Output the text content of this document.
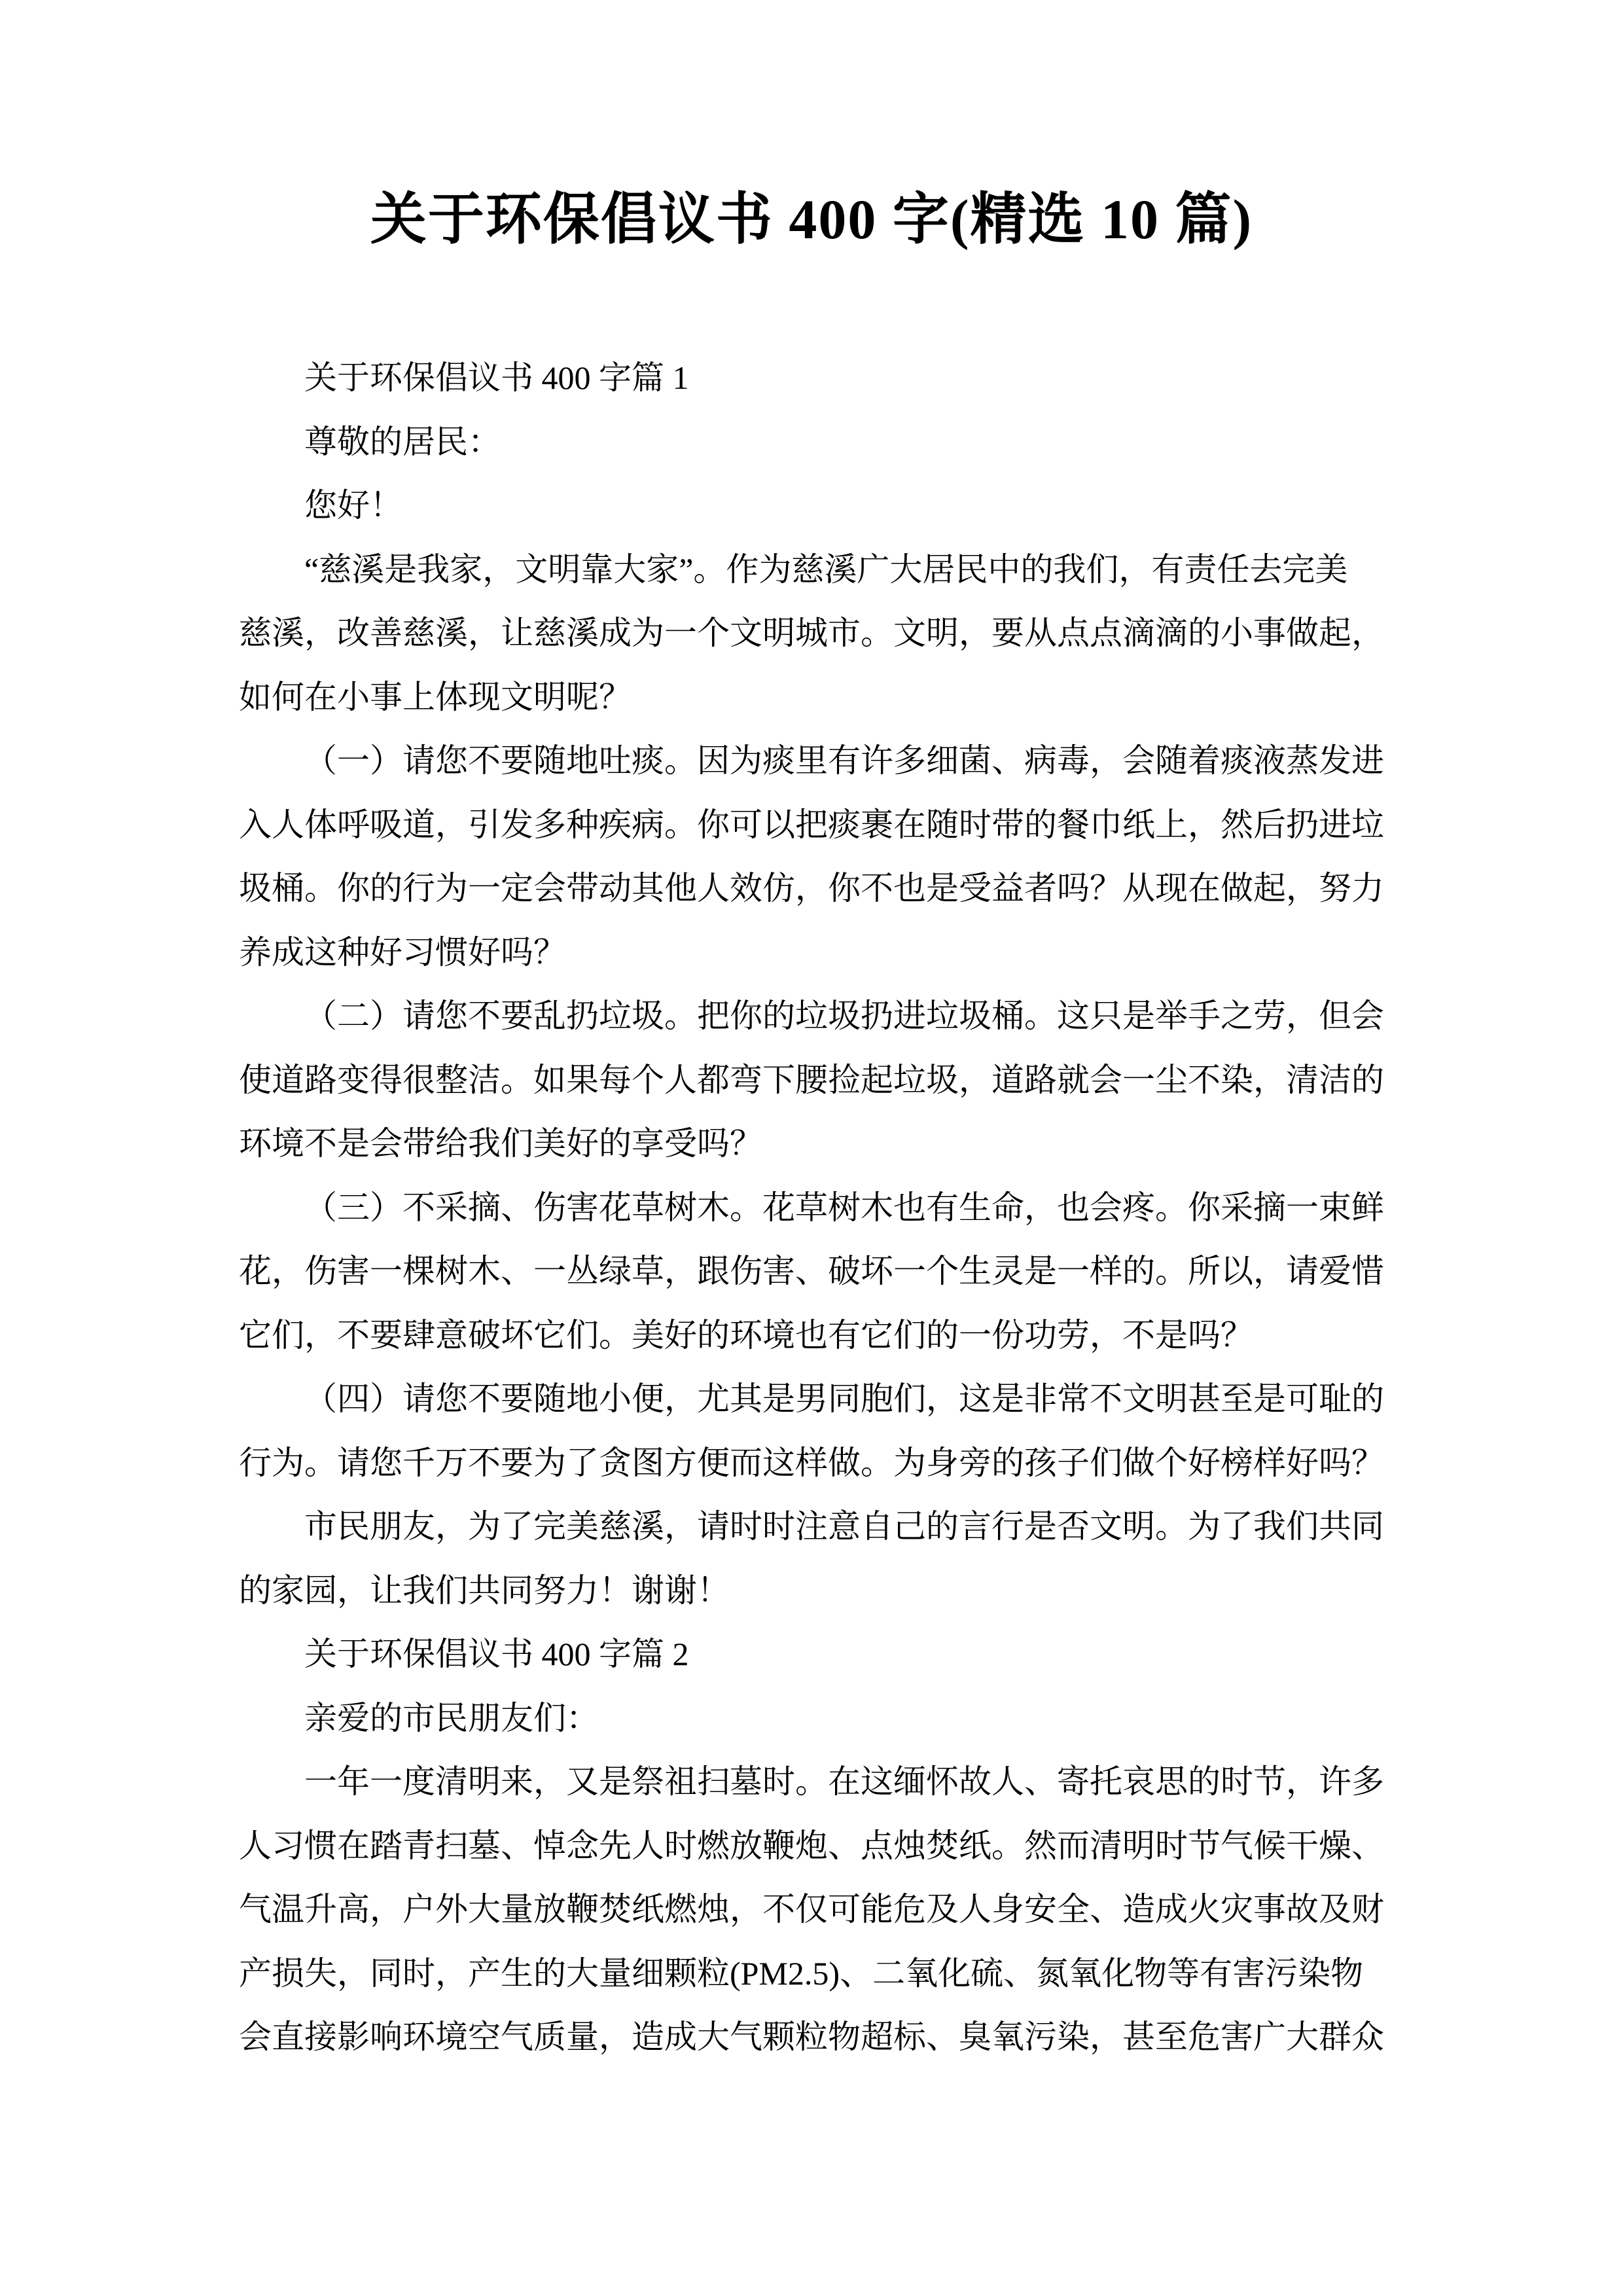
关于环保倡议书 400 字(精选 10 篇)
关于环保倡议书 400 字篇 1
尊敬的居民：
您好！
“慈溪是我家，文明靠大家”。作为慈溪广大居民中的我们，有责任去完美
慈溪，改善慈溪，让慈溪成为一个文明城市。文明，要从点点滴滴的小事做起，
如何在小事上体现文明呢？
（一）请您不要随地吐痰。因为痰里有许多细菌、病毒，会随着痰液蒸发进
入人体呼吸道，引发多种疾病。你可以把痰裹在随时带的餐巾纸上，然后扔进垃
圾桶。你的行为一定会带动其他人效仿，你不也是受益者吗？从现在做起，努力
养成这种好习惯好吗？
（二）请您不要乱扔垃圾。把你的垃圾扔进垃圾桶。这只是举手之劳，但会
使道路变得很整洁。如果每个人都弯下腰捡起垃圾，道路就会一尘不染，清洁的
环境不是会带给我们美好的享受吗？
（三）不采摘、伤害花草树木。花草树木也有生命，也会疼。你采摘一束鲜
花，伤害一棵树木、一丛绿草，跟伤害、破坏一个生灵是一样的。所以，请爱惜
它们，不要肆意破坏它们。美好的环境也有它们的一份功劳，不是吗？
（四）请您不要随地小便，尤其是男同胞们，这是非常不文明甚至是可耻的
行为。请您千万不要为了贪图方便而这样做。为身旁的孩子们做个好榜样好吗？
市民朋友，为了完美慈溪，请时时注意自己的言行是否文明。为了我们共同
的家园，让我们共同努力！谢谢！
关于环保倡议书 400 字篇 2
亲爱的市民朋友们：
一年一度清明来，又是祭祖扫墓时。在这缅怀故人、寄托哀思的时节，许多
人习惯在踏青扫墓、悼念先人时燃放鞭炮、点烛焚纸。然而清明时节气候干燥、
气温升高，户外大量放鞭焚纸燃烛，不仅可能危及人身安全、造成火灾事故及财
产损失，同时，产生的大量细颗粒(PM2.5)、二氧化硫、氮氧化物等有害污染物
会直接影响环境空气质量，造成大气颗粒物超标、臭氧污染，甚至危害广大群众
